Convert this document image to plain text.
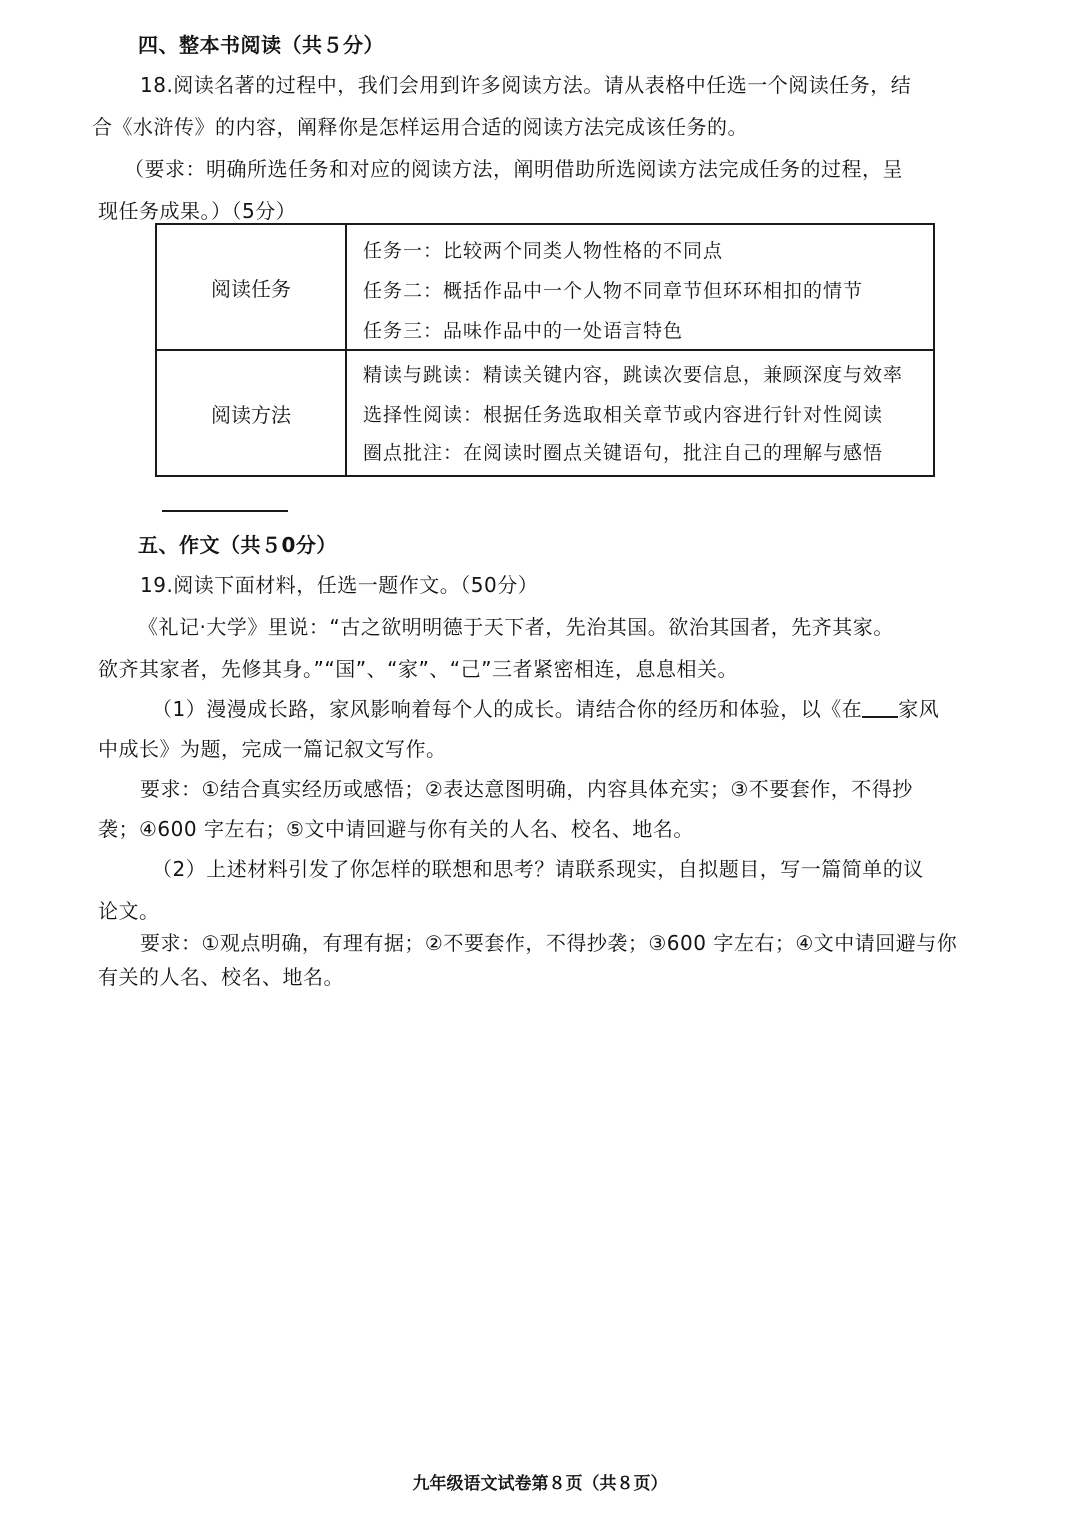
四、整本书阅读（共５分）
18.阅读名著的过程中，我们会用到许多阅读方法。请从表格中任选一个阅读任务，结
合《水浒传》的内容，阐释你是怎样运用合适的阅读方法完成该任务的。
（要求：明确所选任务和对应的阅读方法，阐明借助所选阅读方法完成任务的过程，呈
现任务成果。）（5分）
阅读任务
任务一：比较两个同类人物性格的不同点
任务二：概括作品中一个人物不同章节但环环相扣的情节
任务三：品味作品中的一处语言特色
阅读方法
精读与跳读：精读关键内容，跳读次要信息，兼顾深度与效率
选择性阅读：根据任务选取相关章节或内容进行针对性阅读
圈点批注：在阅读时圈点关键语句，批注自己的理解与感悟
五、作文（共５0分）
19.阅读下面材料，任选一题作文。（50分）
《礼记·大学》里说：“古之欲明明德于天下者，先治其国。欲治其国者，先齐其家。
欲齐其家者，先修其身。”“国”、“家”、“己”三者紧密相连，息息相关。
（1）漫漫成长路，家风影响着每个人的成长。请结合你的经历和体验，以《在 家风
中成长》为题，完成一篇记叙文写作。
要求：①结合真实经历或感悟；②表达意图明确，内容具体充实；③不要套作，不得抄
袭；④600 字左右；⑤文中请回避与你有关的人名、校名、地名。
（2）上述材料引发了你怎样的联想和思考？请联系现实，自拟题目，写一篇简单的议
论文。
要求：①观点明确，有理有据；②不要套作，不得抄袭；③600 字左右；④文中请回避与你
有关的人名、校名、地名。
九年级语文试卷第８页（共８页）
